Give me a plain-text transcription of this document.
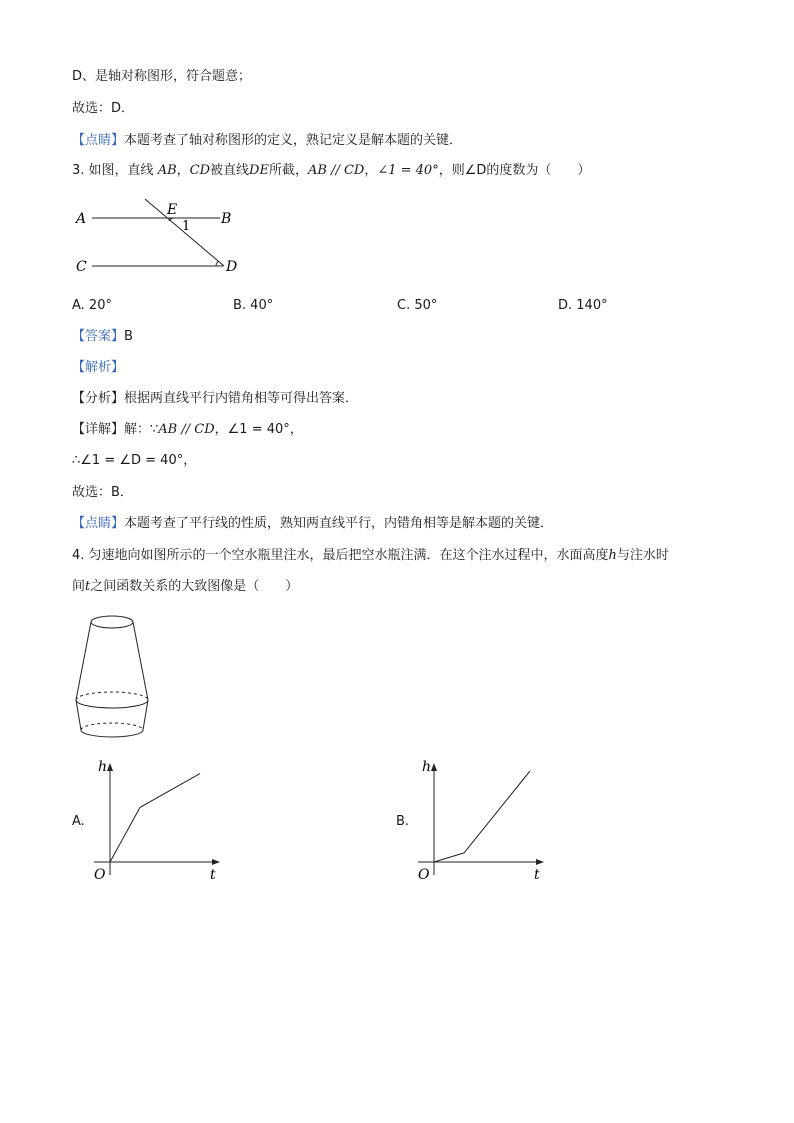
D、是轴对称图形，符合题意；
故选：D．
【点睛】本题考查了轴对称图形的定义，熟记定义是解本题的关键．
3. 如图，直线 AB，CD被直线DE所截，AB // CD，∠1 = 40°，则∠D的度数为（　　）
A	B
C	D
E
1
A. 20°	B. 40°	C. 50°	D. 140°
【答案】B
【解析】
【分析】根据两直线平行内错角相等可得出答案．
【详解】解：∵AB // CD，∠1 = 40°，
∴∠1 = ∠D = 40°，
故选：B．
【点睛】本题考查了平行线的性质，熟知两直线平行，内错角相等是解本题的关键．
4. 匀速地向如图所示的一个空水瓶里注水，最后把空水瓶注满．在这个注水过程中，水面高度h与注水时
间t之间函数关系的大致图像是（　　）
A.
h
t
O
B.
h
t
O
